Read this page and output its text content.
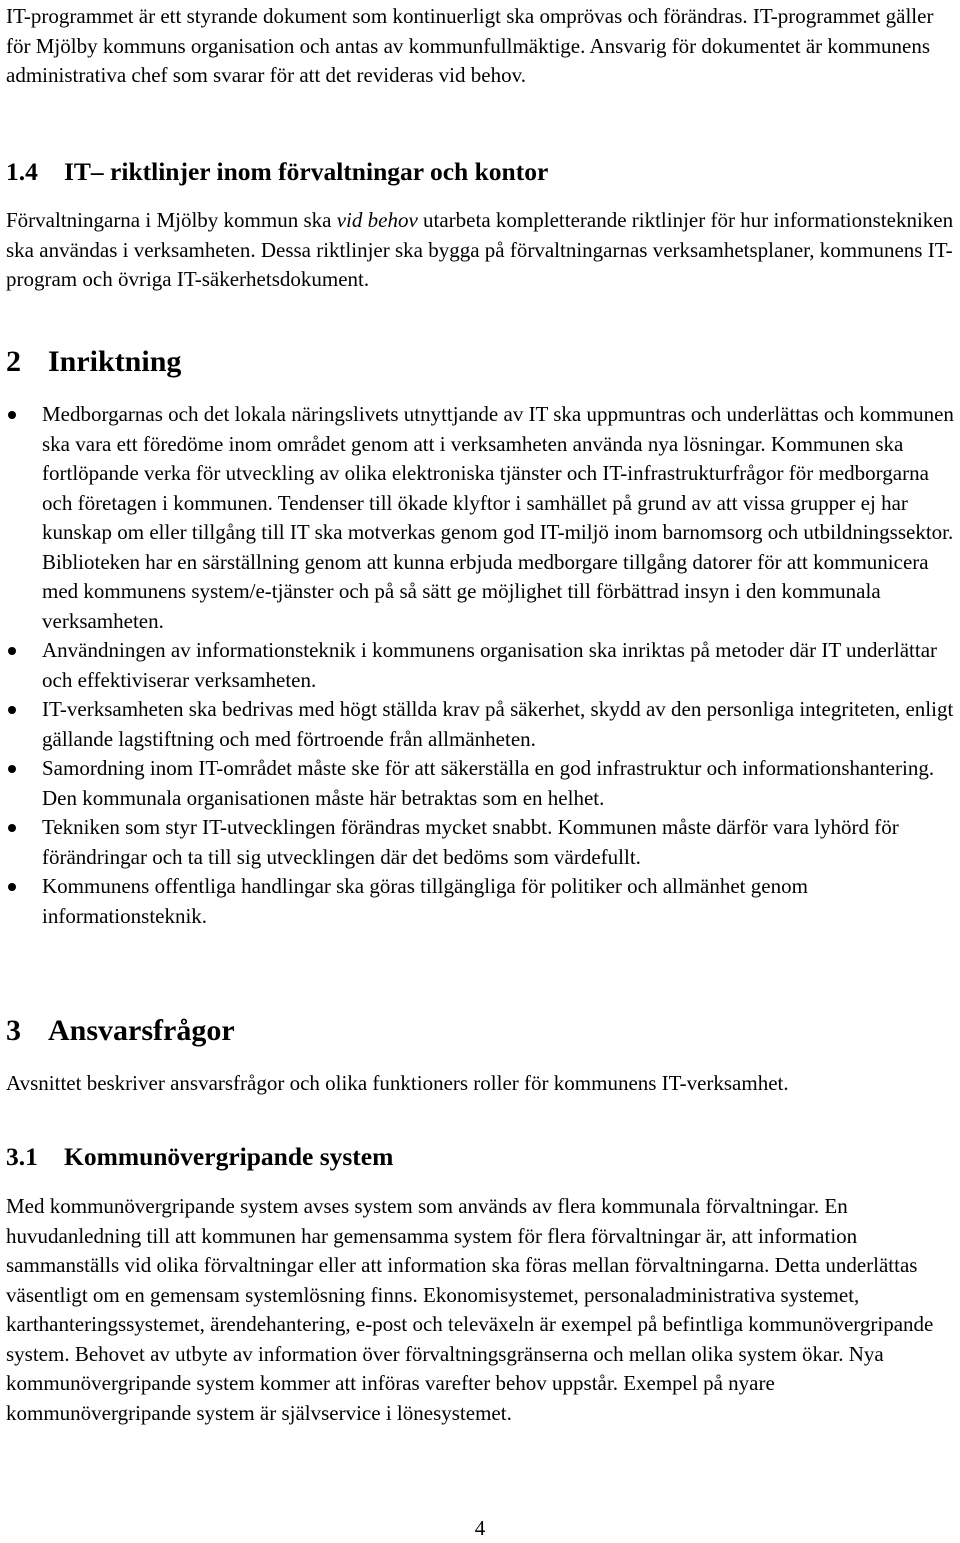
IT-programmet är ett styrande dokument som kontinuerligt ska omprövas och förändras. IT-programmet gäller för Mjölby kommuns organisation och antas av kommunfullmäktige. Ansvarig för dokumentet är kommunens administrativa chef som svarar för att det revideras vid behov.

1.4 IT– riktlinjer inom förvaltningar och kontor

Förvaltningarna i Mjölby kommun ska vid behov utarbeta kompletterande riktlinjer för hur informationstekniken ska användas i verksamheten. Dessa riktlinjer ska bygga på förvaltningarnas verksamhetsplaner, kommunens IT-program och övriga IT-säkerhetsdokument.

2 Inriktning
Medborgarnas och det lokala näringslivets utnyttjande av IT ska uppmuntras och underlättas och kommunen ska vara ett föredöme inom området genom att i verksamheten använda nya lösningar. Kommunen ska fortlöpande verka för utveckling av olika elektroniska tjänster och IT-infrastrukturfrågor för medborgarna och företagen i kommunen. Tendenser till ökade klyftor i samhället på grund av att vissa grupper ej har kunskap om eller tillgång till IT ska motverkas genom god IT-miljö inom barnomsorg och utbildningssektor. Biblioteken har en särställning genom att kunna erbjuda medborgare tillgång datorer för att kommunicera med kommunens system/e-tjänster och på så sätt ge möjlighet till förbättrad insyn i den kommunala verksamheten.
Användningen av informationsteknik i kommunens organisation ska inriktas på metoder där IT underlättar och effektiviserar verksamheten.
IT-verksamheten ska bedrivas med högt ställda krav på säkerhet, skydd av den personliga integriteten, enligt gällande lagstiftning och med förtroende från allmänheten.
Samordning inom IT-området måste ske för att säkerställa en god infrastruktur och informationshantering. Den kommunala organisationen måste här betraktas som en helhet.
Tekniken som styr IT-utvecklingen förändras mycket snabbt. Kommunen måste därför vara lyhörd för förändringar och ta till sig utvecklingen där det bedöms som värdefullt.
Kommunens offentliga handlingar ska göras tillgängliga för politiker och allmänhet genom informationsteknik.
3 Ansvarsfrågor

Avsnittet beskriver ansvarsfrågor och olika funktioners roller för kommunens IT-verksamhet.

3.1 Kommunövergripande system

Med kommunövergripande system avses system som används av flera kommunala förvaltningar. En huvudanledning till att kommunen har gemensamma system för flera förvaltningar är, att information sammanställs vid olika förvaltningar eller att information ska föras mellan förvaltningarna. Detta underlättas väsentligt om en gemensam systemlösning finns. Ekonomisystemet, personaladministrativa systemet, karthanteringssystemet, ärendehantering, e-post och televäxeln är exempel på befintliga kommunövergripande system. Behovet av utbyte av information över förvaltningsgränserna och mellan olika system ökar. Nya kommunövergripande system kommer att införas varefter behov uppstår. Exempel på nyare kommunövergripande system är självservice i lönesystemet.

4
